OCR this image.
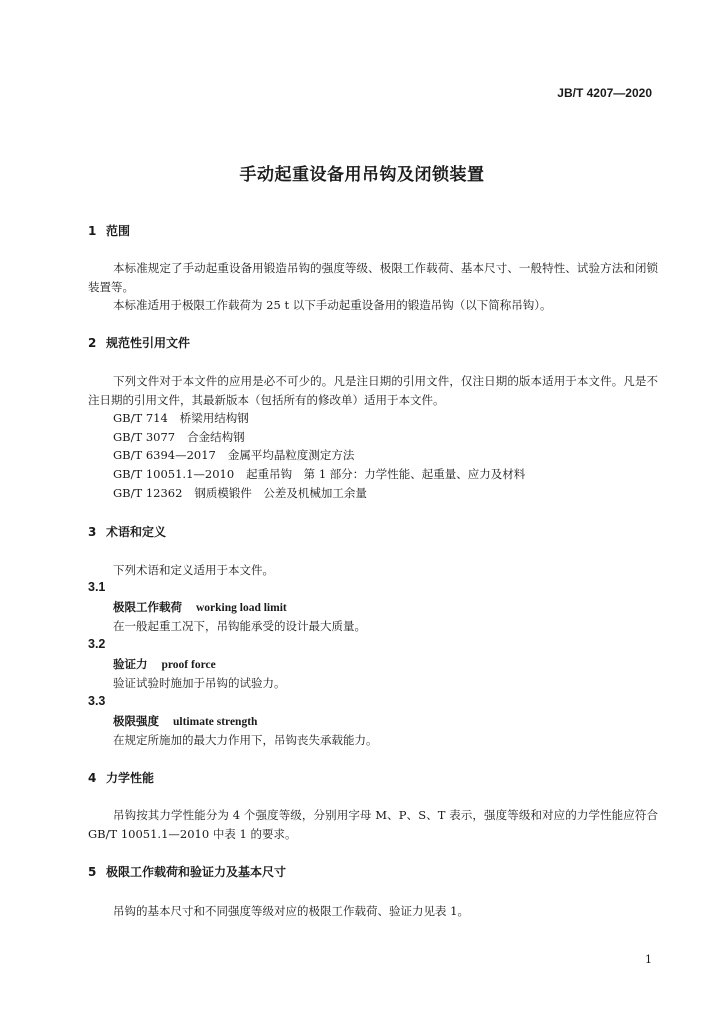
JB/T 4207—2020
手动起重设备用吊钩及闭锁装置
1 范围
本标准规定了手动起重设备用锻造吊钩的强度等级、极限工作载荷、基本尺寸、一般特性、试验方法和闭锁装置等。
本标准适用于极限工作载荷为 25 t 以下手动起重设备用的锻造吊钩（以下简称吊钩）。
2 规范性引用文件
下列文件对于本文件的应用是必不可少的。凡是注日期的引用文件，仅注日期的版本适用于本文件。凡是不注日期的引用文件，其最新版本（包括所有的修改单）适用于本文件。
GB/T 714 桥梁用结构钢
GB/T 3077 合金结构钢
GB/T 6394—2017 金属平均晶粒度测定方法
GB/T 10051.1—2010 起重吊钩　第 1 部分：力学性能、起重量、应力及材料
GB/T 12362 钢质模锻件　公差及机械加工余量
3 术语和定义
下列术语和定义适用于本文件。
3.1
极限工作载荷 working load limit
在一般起重工况下，吊钩能承受的设计最大质量。
3.2
验证力 proof force
验证试验时施加于吊钩的试验力。
3.3
极限强度 ultimate strength
在规定所施加的最大力作用下，吊钩丧失承载能力。
4 力学性能
吊钩按其力学性能分为 4 个强度等级，分别用字母 M、P、S、T 表示，强度等级和对应的力学性能应符合 GB/T 10051.1—2010 中表 1 的要求。
5 极限工作载荷和验证力及基本尺寸
吊钩的基本尺寸和不同强度等级对应的极限工作载荷、验证力见表 1。
1
